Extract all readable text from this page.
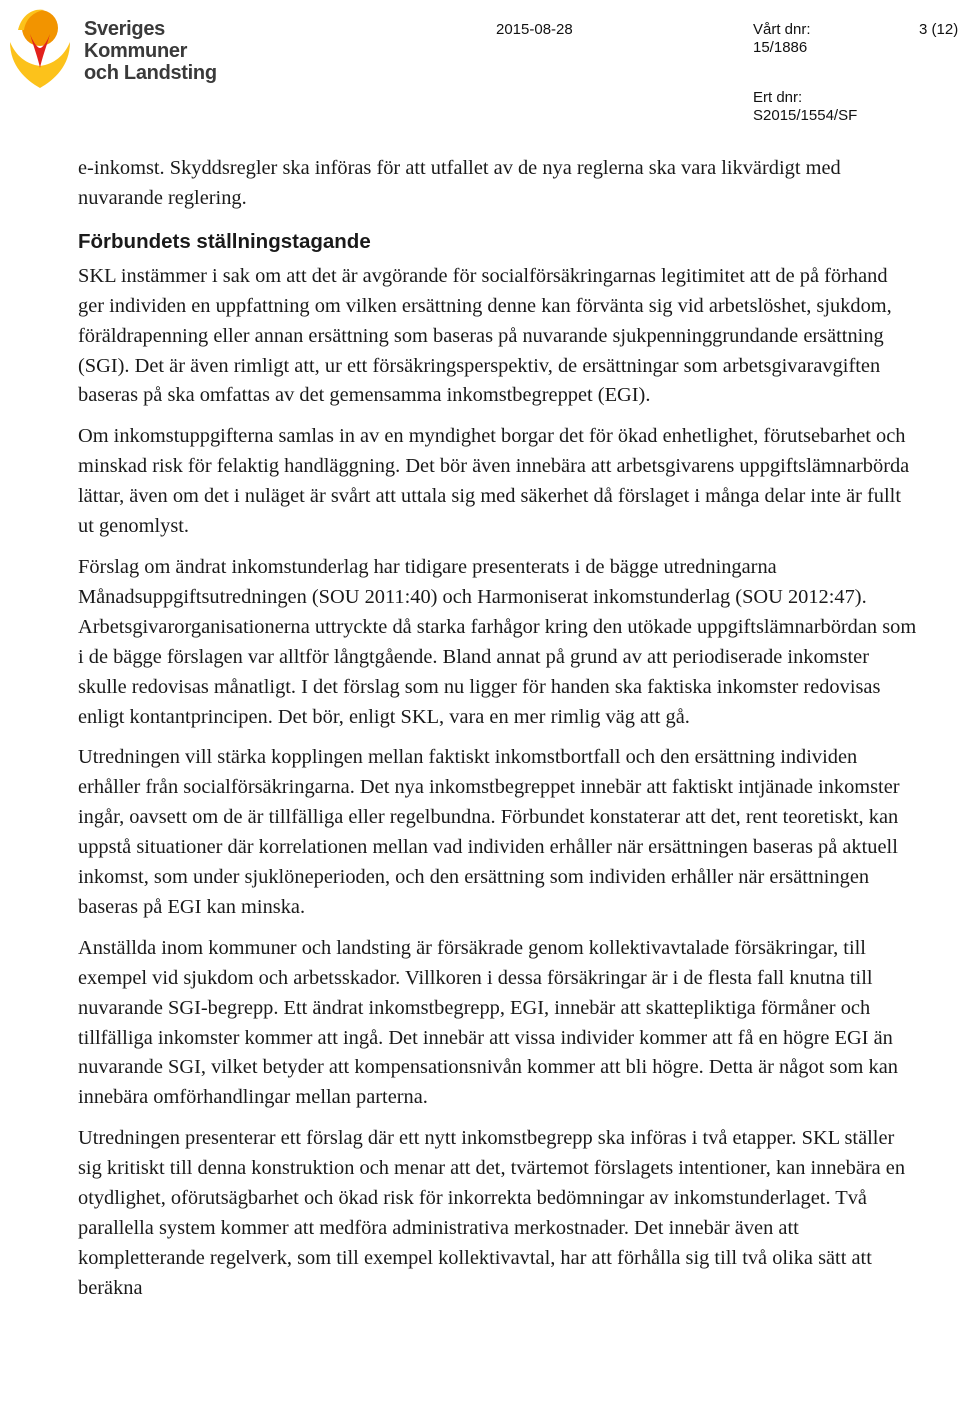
Sveriges
Kommuner
och Landsting
2015-08-28	Vårt dnr:
15/1886
Ert dnr:
S2015/1554/SF
3 (12)

e-inkomst. Skyddsregler ska införas för att utfallet av de nya reglerna ska vara likvärdigt med nuvarande reglering.

Förbundets ställningstagande

SKL instämmer i sak om att det är avgörande för socialförsäkringarnas legitimitet att de på förhand ger individen en uppfattning om vilken ersättning denne kan förvänta sig vid arbetslöshet, sjukdom, föräldrapenning eller annan ersättning som baseras på nuvarande sjukpenninggrundande ersättning (SGI). Det är även rimligt att, ur ett försäkringsperspektiv, de ersättningar som arbetsgivaravgiften baseras på ska omfattas av det gemensamma inkomstbegreppet (EGI).

Om inkomstuppgifterna samlas in av en myndighet borgar det för ökad enhetlighet, förutsebarhet och minskad risk för felaktig handläggning. Det bör även innebära att arbetsgivarens uppgiftslämnarbörda lättar, även om det i nuläget är svårt att uttala sig med säkerhet då förslaget i många delar inte är fullt ut genomlyst.

Förslag om ändrat inkomstunderlag har tidigare presenterats i de bägge utredningarna Månadsuppgiftsutredningen (SOU 2011:40) och Harmoniserat inkomstunderlag (SOU 2012:47). Arbetsgivarorganisationerna uttryckte då starka farhågor kring den utökade uppgiftslämnarbördan som i de bägge förslagen var alltför långtgående. Bland annat på grund av att periodiserade inkomster skulle redovisas månatligt. I det förslag som nu ligger för handen ska faktiska inkomster redovisas enligt kontantprincipen. Det bör, enligt SKL, vara en mer rimlig väg att gå.

Utredningen vill stärka kopplingen mellan faktiskt inkomstbortfall och den ersättning individen erhåller från socialförsäkringarna. Det nya inkomstbegreppet innebär att faktiskt intjänade inkomster ingår, oavsett om de är tillfälliga eller regelbundna. Förbundet konstaterar att det, rent teoretiskt, kan uppstå situationer där korrelationen mellan vad individen erhåller när ersättningen baseras på aktuell inkomst, som under sjuklöneperioden, och den ersättning som individen erhåller när ersättningen baseras på EGI kan minska.

Anställda inom kommuner och landsting är försäkrade genom kollektivavtalade försäkringar, till exempel vid sjukdom och arbetsskador. Villkoren i dessa försäkringar är i de flesta fall knutna till nuvarande SGI-begrepp. Ett ändrat inkomstbegrepp, EGI, innebär att skattepliktiga förmåner och tillfälliga inkomster kommer att ingå. Det innebär att vissa individer kommer att få en högre EGI än nuvarande SGI, vilket betyder att kompensationsnivån kommer att bli högre. Detta är något som kan innebära omförhandlingar mellan parterna.

Utredningen presenterar ett förslag där ett nytt inkomstbegrepp ska införas i två etapper. SKL ställer sig kritiskt till denna konstruktion och menar att det, tvärtemot förslagets intentioner, kan innebära en otydlighet, oförutsägbarhet och ökad risk för inkorrekta bedömningar av inkomstunderlaget. Två parallella system kommer att medföra administrativa merkostnader. Det innebär även att kompletterande regelverk, som till exempel kollektivavtal, har att förhålla sig till två olika sätt att beräkna
